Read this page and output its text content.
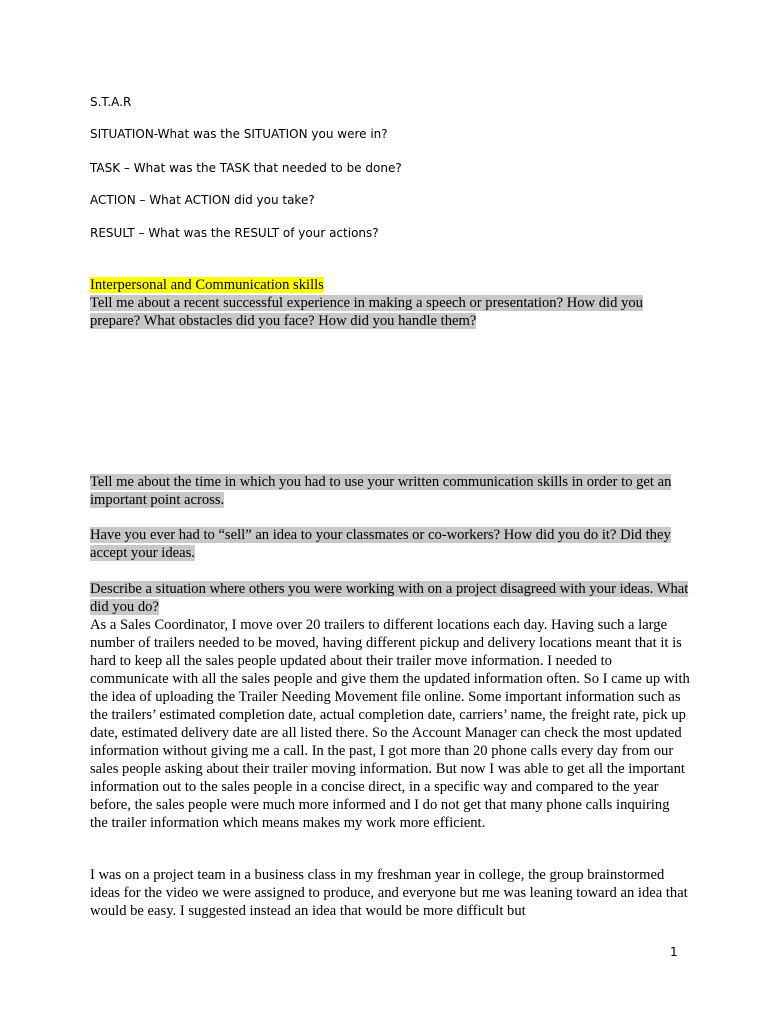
S.T.A.R
SITUATION-What was the SITUATION you were in?
TASK – What was the TASK that needed to be done?
ACTION – What ACTION did you take?
RESULT – What was the RESULT of your actions?
Interpersonal and Communication skills
Tell me about a recent successful experience in making a speech or presentation? How did you prepare? What obstacles did you face? How did you handle them?
Tell me about the time in which you had to use your written communication skills in order to get an important point across.
Have you ever had to “sell” an idea to your classmates or co-workers? How did you do it? Did they accept your ideas.
Describe a situation where others you were working with on a project disagreed with your ideas. What did you do?
As a Sales Coordinator, I move over 20 trailers to different locations each day. Having such a large number of trailers needed to be moved, having different pickup and delivery locations meant that it is hard to keep all the sales people updated about their trailer move information. I needed to communicate with all the sales people and give them the updated information often. So I came up with the idea of uploading the Trailer Needing Movement file online. Some important information such as the trailers’ estimated completion date, actual completion date, carriers’ name, the freight rate, pick up date, estimated delivery date are all listed there. So the Account Manager can check the most updated information without giving me a call. In the past, I got more than 20 phone calls every day from our sales people asking about their trailer moving information. But now I was able to get all the important information out to the sales people in a concise direct, in a specific way and compared to the year before, the sales people were much more informed and I do not get that many phone calls inquiring the trailer information which means makes my work more efficient.
I was on a project team in a business class in my freshman year in college, the group brainstormed ideas for the video we were assigned to produce, and everyone but me was leaning toward an idea that would be easy. I suggested instead an idea that would be more difficult but
1
